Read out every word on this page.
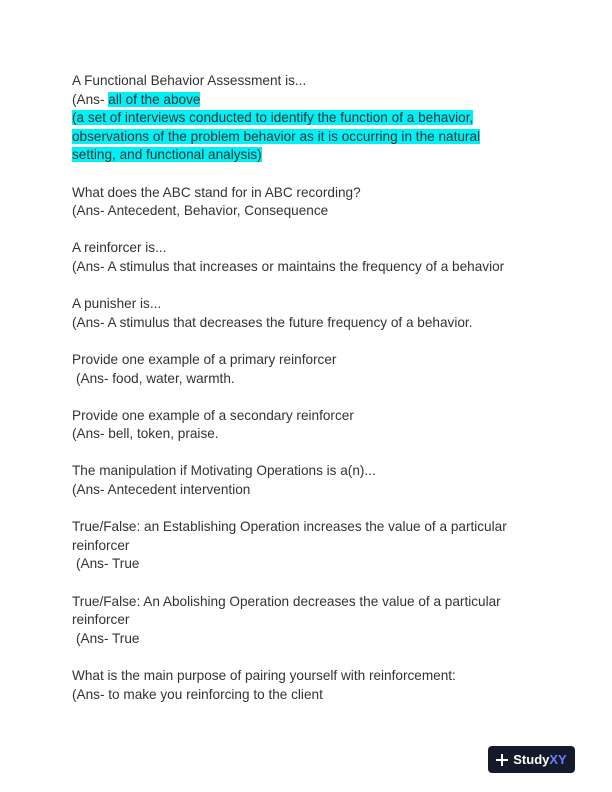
A Functional Behavior Assessment is...
(Ans- all of the above
(a set of interviews conducted to identify the function of a behavior,
observations of the problem behavior as it is occurring in the natural
setting, and functional analysis)
What does the ABC stand for in ABC recording?
(Ans- Antecedent, Behavior, Consequence
A reinforcer is...
(Ans- A stimulus that increases or maintains the frequency of a behavior
A punisher is...
(Ans- A stimulus that decreases the future frequency of a behavior.
Provide one example of a primary reinforcer
(Ans- food, water, warmth.
Provide one example of a secondary reinforcer
(Ans- bell, token, praise.
The manipulation if Motivating Operations is a(n)...
(Ans- Antecedent intervention
True/False: an Establishing Operation increases the value of a particular
reinforcer
(Ans- True
True/False: An Abolishing Operation decreases the value of a particular
reinforcer
(Ans- True
What is the main purpose of pairing yourself with reinforcement:
(Ans- to make you reinforcing to the client
StudyXY
